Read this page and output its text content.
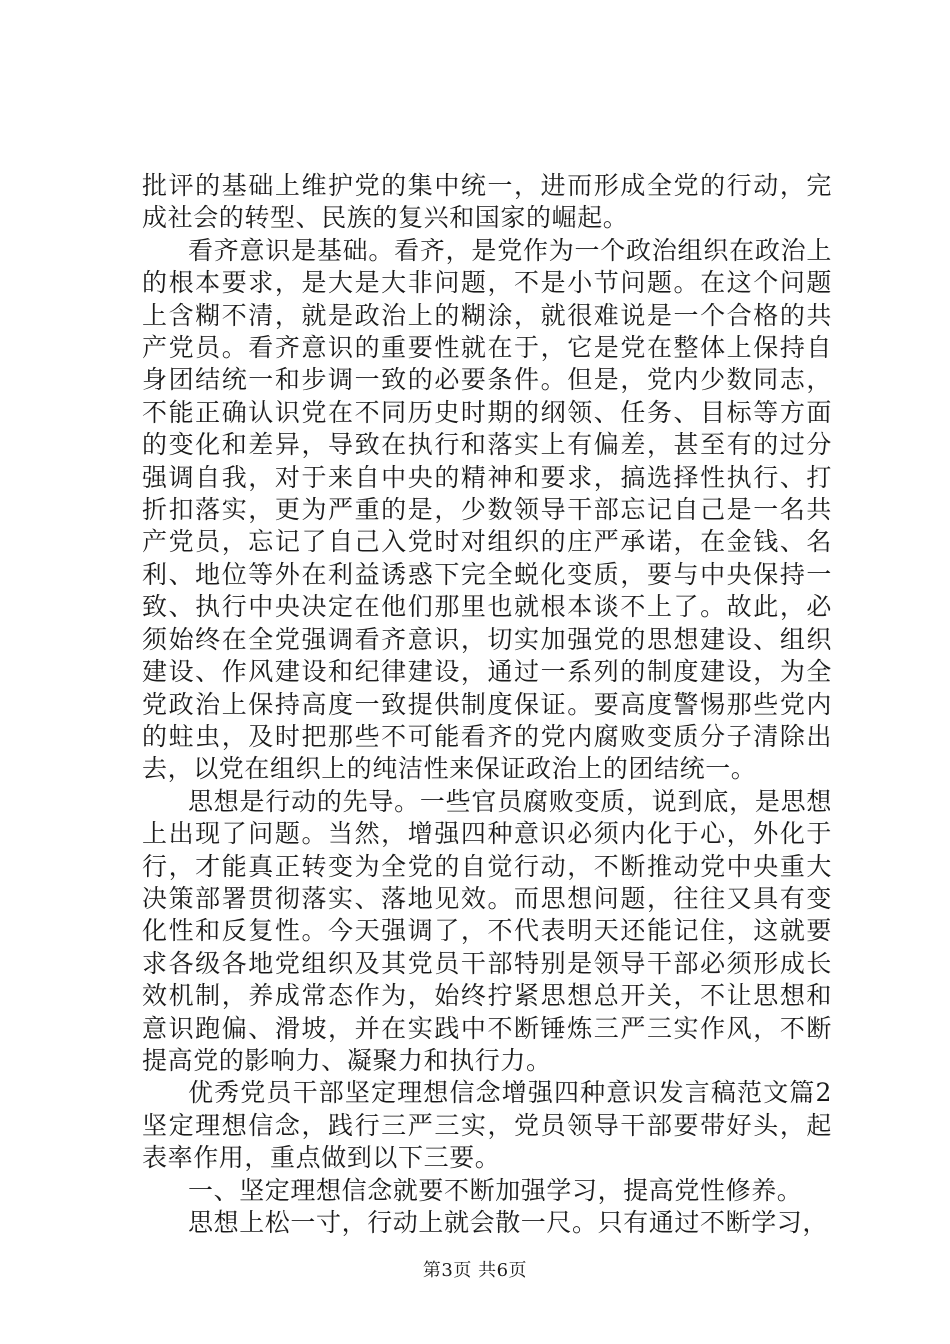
批评的基础上维护党的集中统一，进而形成全党的行动，完成社会的转型、民族的复兴和国家的崛起。

看齐意识是基础。看齐，是党作为一个政治组织在政治上的根本要求，是大是大非问题，不是小节问题。在这个问题上含糊不清，就是政治上的糊涂，就很难说是一个合格的共产党员。看齐意识的重要性就在于，它是党在整体上保持自身团结统一和步调一致的必要条件。但是，党内少数同志，不能正确认识党在不同历史时期的纲领、任务、目标等方面的变化和差异，导致在执行和落实上有偏差，甚至有的过分强调自我，对于来自中央的精神和要求，搞选择性执行、打折扣落实，更为严重的是，少数领导干部忘记自己是一名共产党员，忘记了自己入党时对组织的庄严承诺，在金钱、名利、地位等外在利益诱惑下完全蜕化变质，要与中央保持一致、执行中央决定在他们那里也就根本谈不上了。故此，必须始终在全党强调看齐意识，切实加强党的思想建设、组织建设、作风建设和纪律建设，通过一系列的制度建设，为全党政治上保持高度一致提供制度保证。要高度警惕那些党内的蛀虫，及时把那些不可能看齐的党内腐败变质分子清除出去，以党在组织上的纯洁性来保证政治上的团结统一。

思想是行动的先导。一些官员腐败变质，说到底，是思想上出现了问题。当然，增强四种意识必须内化于心，外化于行，才能真正转变为全党的自觉行动，不断推动党中央重大决策部署贯彻落实、落地见效。而思想问题，往往又具有变化性和反复性。今天强调了，不代表明天还能记住，这就要求各级各地党组织及其党员干部特别是领导干部必须形成长效机制，养成常态作为，始终拧紧思想总开关，不让思想和意识跑偏、滑坡，并在实践中不断锤炼三严三实作风，不断提高党的影响力、凝聚力和执行力。

优秀党员干部坚定理想信念增强四种意识发言稿范文篇2坚定理想信念，践行三严三实，党员领导干部要带好头，起表率作用，重点做到以下三要。

一、坚定理想信念就要不断加强学习，提高党性修养。

思想上松一寸，行动上就会散一尺。只有通过不断学习，

第3页 共6页
